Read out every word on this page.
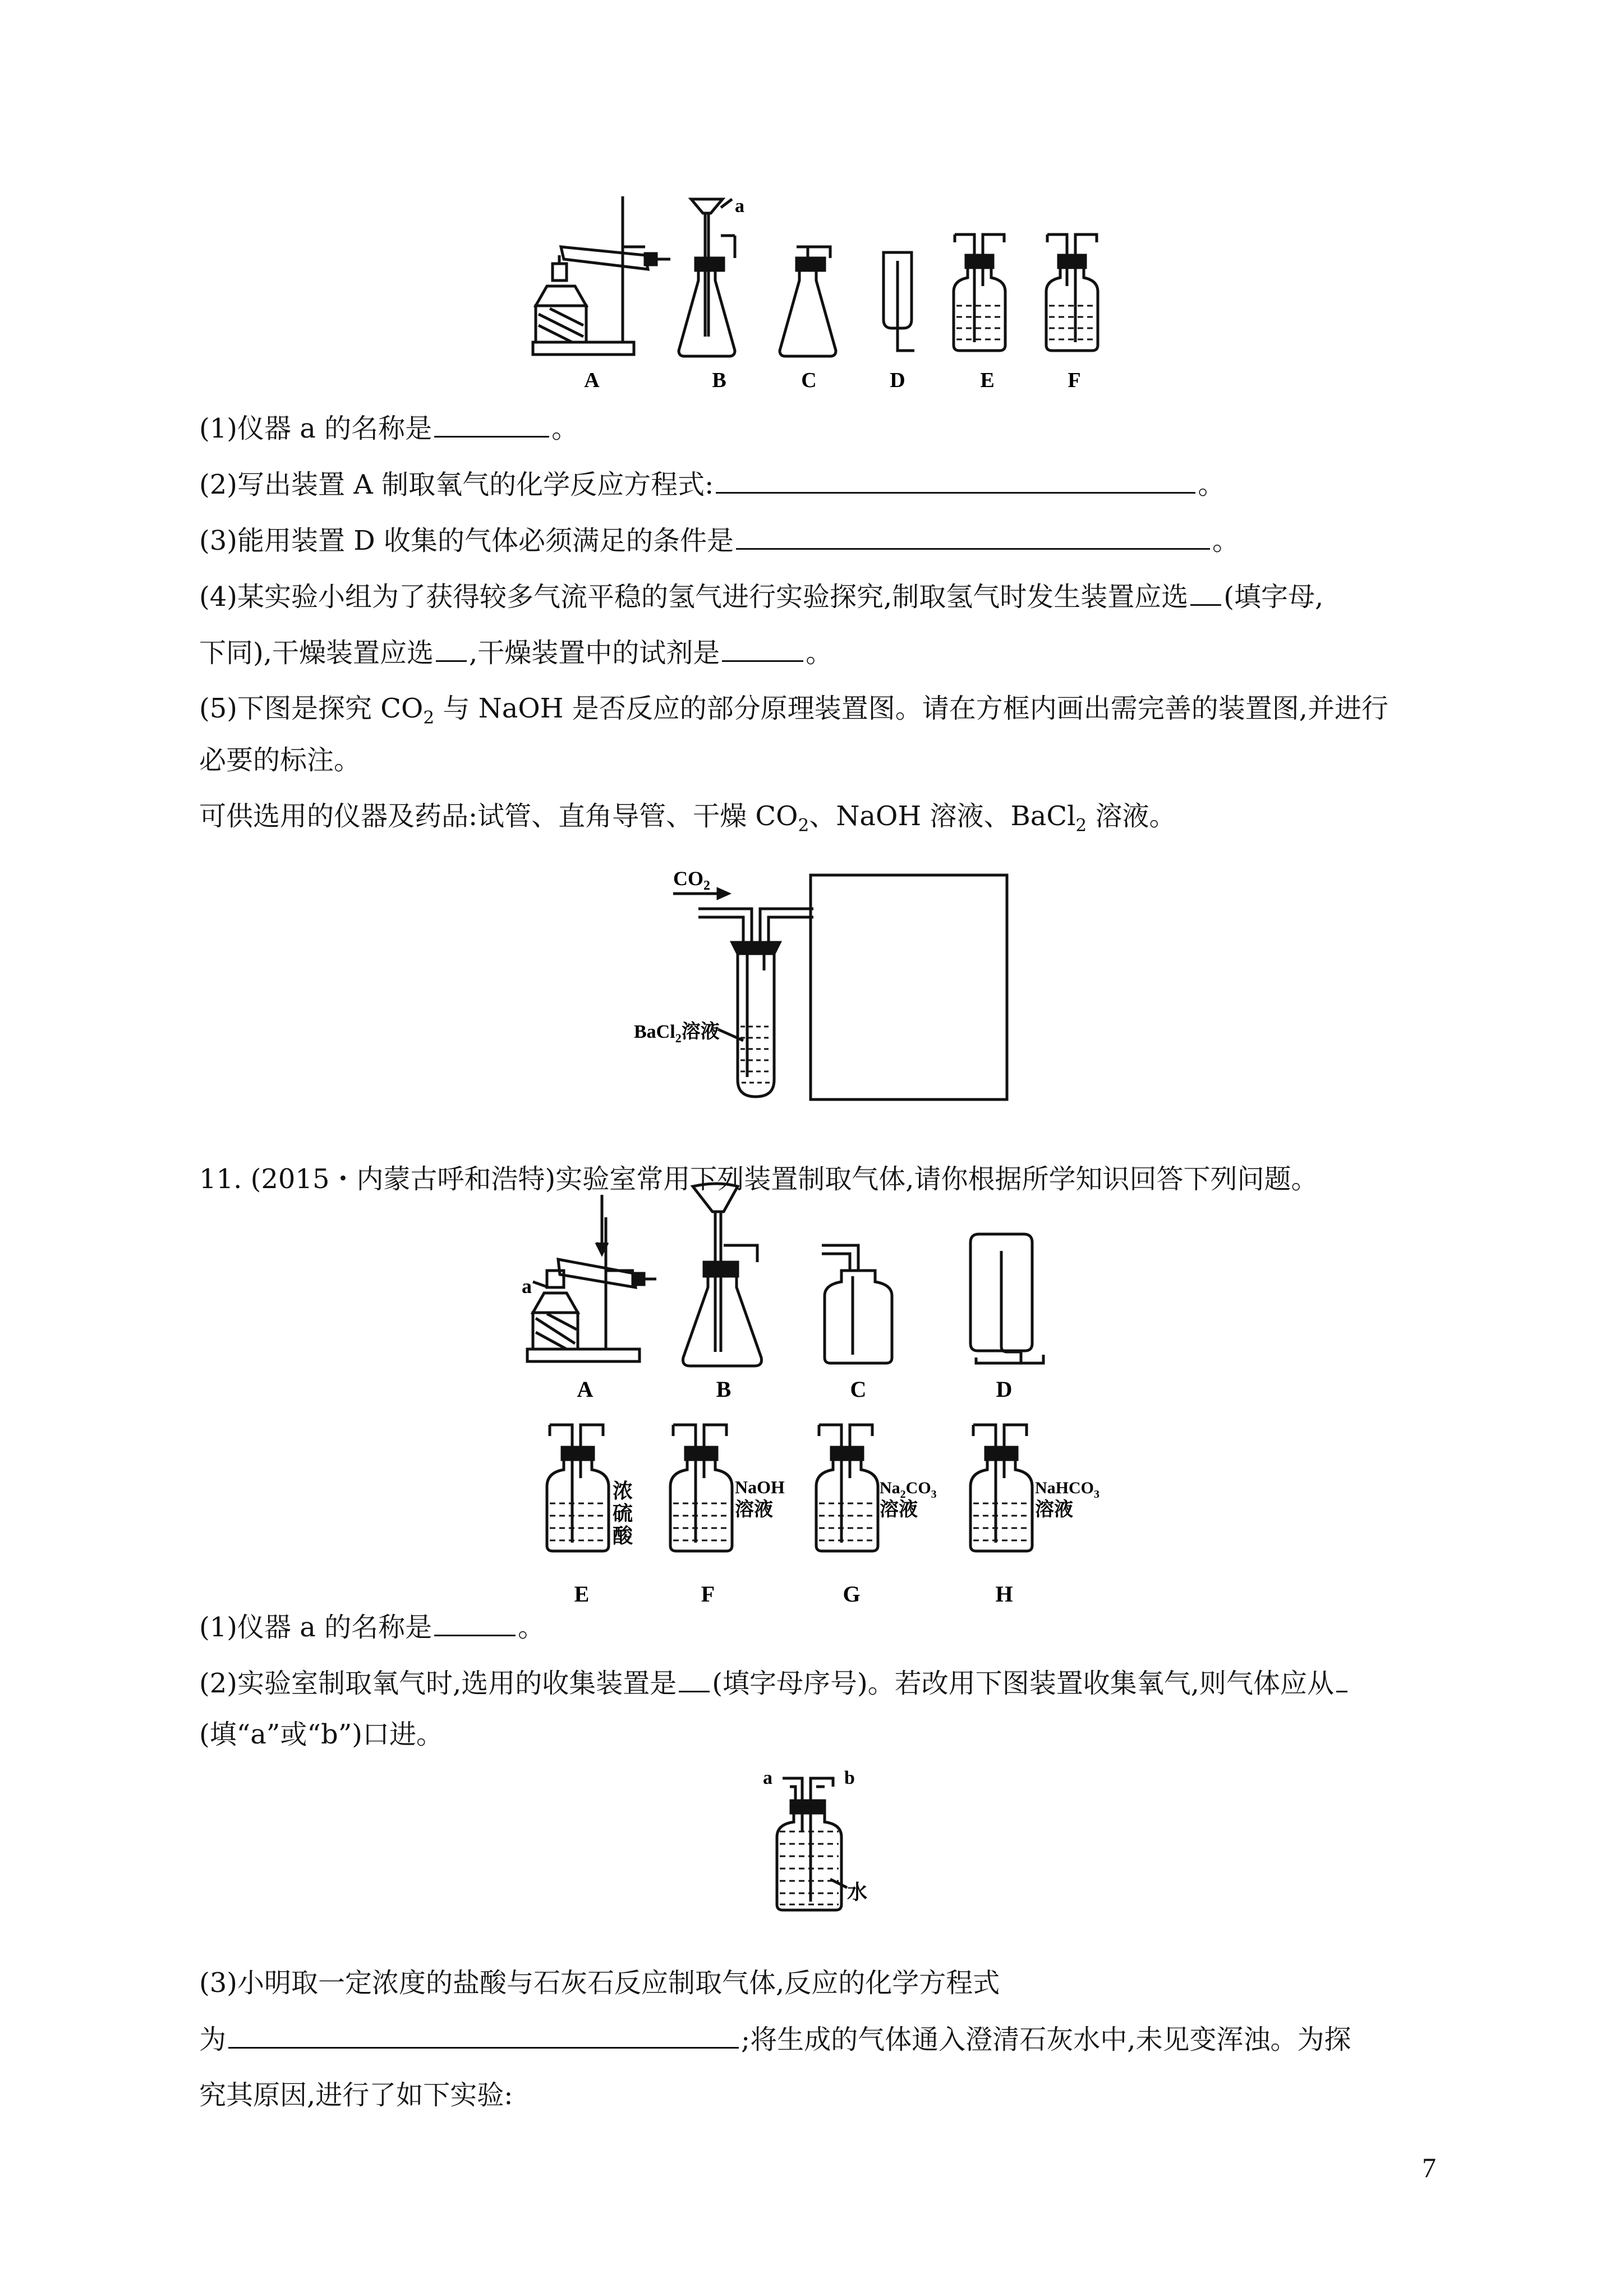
a
A	B	C	D	E	F

(1)仪器 a 的名称是	。

(2)写出装置 A 制取氧气的化学反应方程式:	。

(3)能用装置 D 收集的气体必须满足的条件是	。

(4)某实验小组为了获得较多气流平稳的氢气进行实验探究,制取氢气时发生装置应选 (填字母,

下同),干燥装置应选 ,干燥装置中的试剂是	。

(5)下图是探究 $CO_2$ 与 NaOH 是否反应的部分原理装置图。请在方框内画出需完善的装置图,并进行

必要的标注。

可供选用的仪器及药品:试管、直角导管、干燥 $CO_2$、NaOH 溶液、BaCl$_2$ 溶液。

$CO_2$
BaCl$_2$溶液

11. (2015・内蒙古呼和浩特)实验室常用下列装置制取气体,请你根据所学知识回答下列问题。

a
A	B	C	D
浓
硫
酸
NaOH
溶液
$Na_2CO_3$
溶液
NaHCO$_3$
溶液
E	F	G	H

(1)仪器 a 的名称是	。

(2)实验室制取氧气时,选用的收集装置是 (填字母序号)。若改用下图装置收集氧气,则气体应从

(填“a”或“b”)口进。

a	b
水

(3)小明取一定浓度的盐酸与石灰石反应制取气体,反应的化学方程式

为	;将生成的气体通入澄清石灰水中,未见变浑浊。为探

究其原因,进行了如下实验:

7
